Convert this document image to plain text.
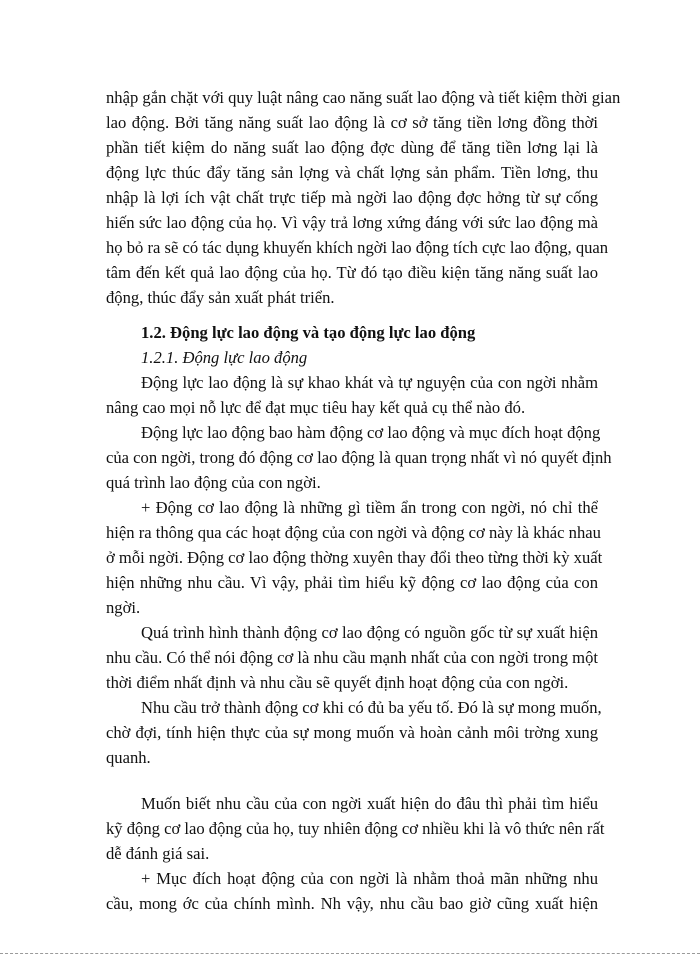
nhập gắn chặt với quy luật nâng cao năng suất lao động và tiết kiệm thời gian
lao động. Bởi tăng năng suất lao động là cơ sở tăng tiền lơng đồng thời
phần tiết kiệm do năng suất lao động đợc dùng để tăng tiền lơng lại là
động lực thúc đẩy tăng sản lợng và chất lợng sản phẩm. Tiền lơng, thu
nhập là lợi ích vật chất trực tiếp mà ngời lao động đợc hởng từ sự cống
hiến sức lao động của họ. Vì vậy trả lơng xứng đáng với sức lao động mà
họ bỏ ra sẽ có tác dụng khuyến khích ngời lao động tích cực lao động, quan
tâm đến kết quả lao động của họ. Từ đó tạo điều kiện tăng năng suất lao
động, thúc đẩy sản xuất phát triển.
1.2. Động lực lao động và tạo động lực lao động
1.2.1. Động lực lao động
Động lực lao động là sự khao khát và tự nguyện của con ngời nhằm
nâng cao mọi nỗ lực để đạt mục tiêu hay kết quả cụ thể nào đó.
Động lực lao động bao hàm động cơ lao động và mục đích hoạt động
của con ngời, trong đó động cơ lao động là quan trọng nhất vì nó quyết định
quá trình lao động của con ngời.
+ Động cơ lao động là những gì tiềm ẩn trong con ngời, nó chỉ thể
hiện ra thông qua các hoạt động của con ngời và động cơ này là khác nhau
ở mỗi ngời. Động cơ lao động thờng xuyên thay đổi theo từng thời kỳ xuất
hiện những nhu cầu. Vì vậy, phải tìm hiểu kỹ động cơ lao động của con
ngời.
Quá trình hình thành động cơ lao động có nguồn gốc từ sự xuất hiện
nhu cầu. Có thể nói động cơ là nhu cầu mạnh nhất của con ngời trong một
thời điểm nhất định và nhu cầu sẽ quyết định hoạt động của con ngời.
Nhu cầu trở thành động cơ khi có đủ ba yếu tố. Đó là sự mong muốn,
chờ đợi, tính hiện thực của sự mong muốn và hoàn cảnh môi trờng xung
quanh.
Muốn biết nhu cầu của con ngời xuất hiện do đâu thì phải tìm hiểu
kỹ động cơ lao động của họ, tuy nhiên động cơ nhiều khi là vô thức nên rất
dễ đánh giá sai.
+ Mục đích hoạt động của con ngời là nhằm thoả mãn những nhu
cầu, mong ớc của chính mình. Nh vậy, nhu cầu bao giờ cũng xuất hiện
